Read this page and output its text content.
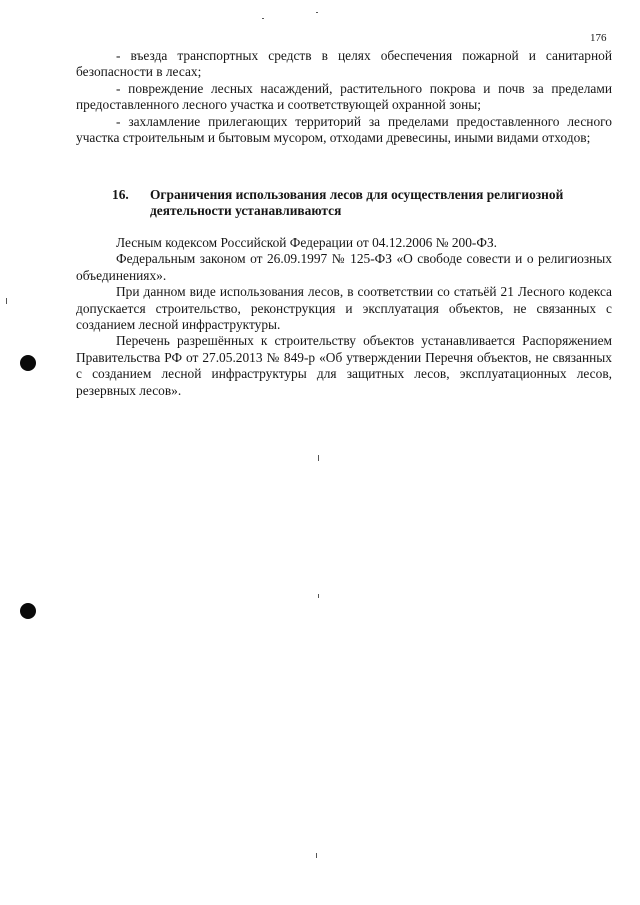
176

- въезда транспортных средств в целях обеспечения пожарной и санитарной безопасности в лесах;

- повреждение лесных насаждений, растительного покрова и почв за пределами предоставленного лесного участка и соответствующей охранной зоны;

- захламление прилегающих территорий за пределами предоставленного лесного участка строительным и бытовым мусором, отходами древесины, иными видами отходов;

16. Ограничения использования лесов для осуществления религиозной
деятельности устанавливаются

Лесным кодексом Российской Федерации от 04.12.2006 № 200-ФЗ.

Федеральным законом от 26.09.1997 № 125-ФЗ «О свободе совести и о религиозных объединениях».

При данном виде использования лесов, в соответствии со статьёй 21 Лесного кодекса допускается строительство, реконструкция и эксплуатация объектов, не связанных с созданием лесной инфраструктуры.

Перечень разрешённых к строительству объектов устанавливается Распоряжением Правительства РФ от 27.05.2013 № 849-р «Об утверждении Перечня объектов, не связанных с созданием лесной инфраструктуры для защитных лесов, эксплуатационных лесов, резервных лесов».
